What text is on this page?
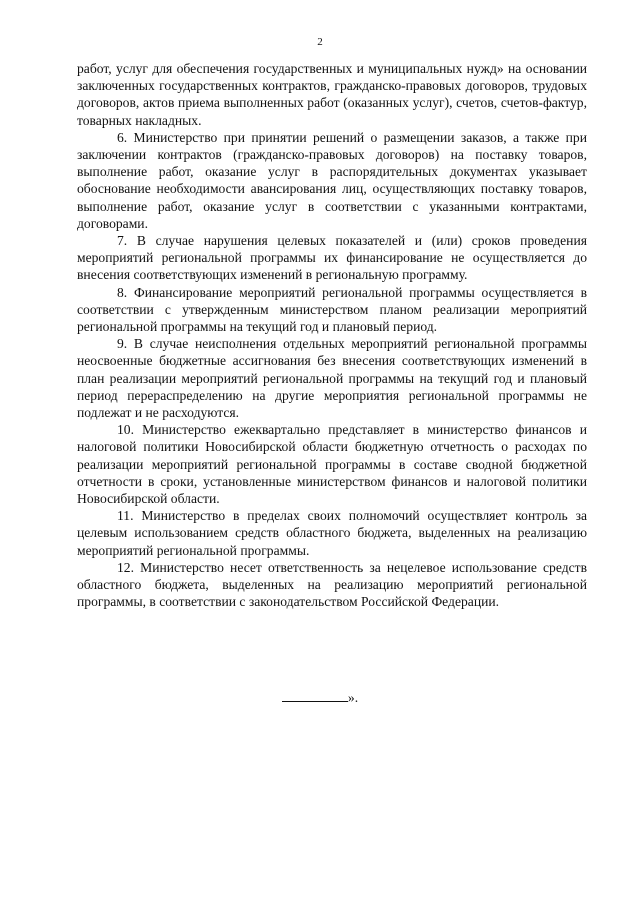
2

работ, услуг для обеспечения государственных и муниципальных нужд» на основании заключенных государственных контрактов, гражданско-правовых договоров, трудовых договоров, актов приема выполненных работ (оказанных услуг), счетов, счетов-фактур, товарных накладных.

6. Министерство при принятии решений о размещении заказов, а также при заключении контрактов (гражданско-правовых договоров) на поставку товаров, выполнение работ, оказание услуг в распорядительных документах указывает обоснование необходимости авансирования лиц, осуществляющих поставку товаров, выполнение работ, оказание услуг в соответствии с указанными контрактами, договорами.

7. В случае нарушения целевых показателей и (или) сроков проведения мероприятий региональной программы их финансирование не осуществляется до внесения соответствующих изменений в региональную программу.

8. Финансирование мероприятий региональной программы осуществляется в соответствии с утвержденным министерством планом реализации мероприятий региональной программы на текущий год и плановый период.

9. В случае неисполнения отдельных мероприятий региональной программы неосвоенные бюджетные ассигнования без внесения соответствующих изменений в план реализации мероприятий региональной программы на текущий год и плановый период перераспределению на другие мероприятия региональной программы не подлежат и не расходуются.

10. Министерство ежеквартально представляет в министерство финансов и налоговой политики Новосибирской области бюджетную отчетность о расходах по реализации мероприятий региональной программы в составе сводной бюджетной отчетности в сроки, установленные министерством финансов и налоговой политики Новосибирской области.

11. Министерство в пределах своих полномочий осуществляет контроль за целевым использованием средств областного бюджета, выделенных на реализацию мероприятий региональной программы.

12. Министерство несет ответственность за нецелевое использование средств областного бюджета, выделенных на реализацию мероприятий региональной программы, в соответствии с законодательством Российской Федерации.

».
